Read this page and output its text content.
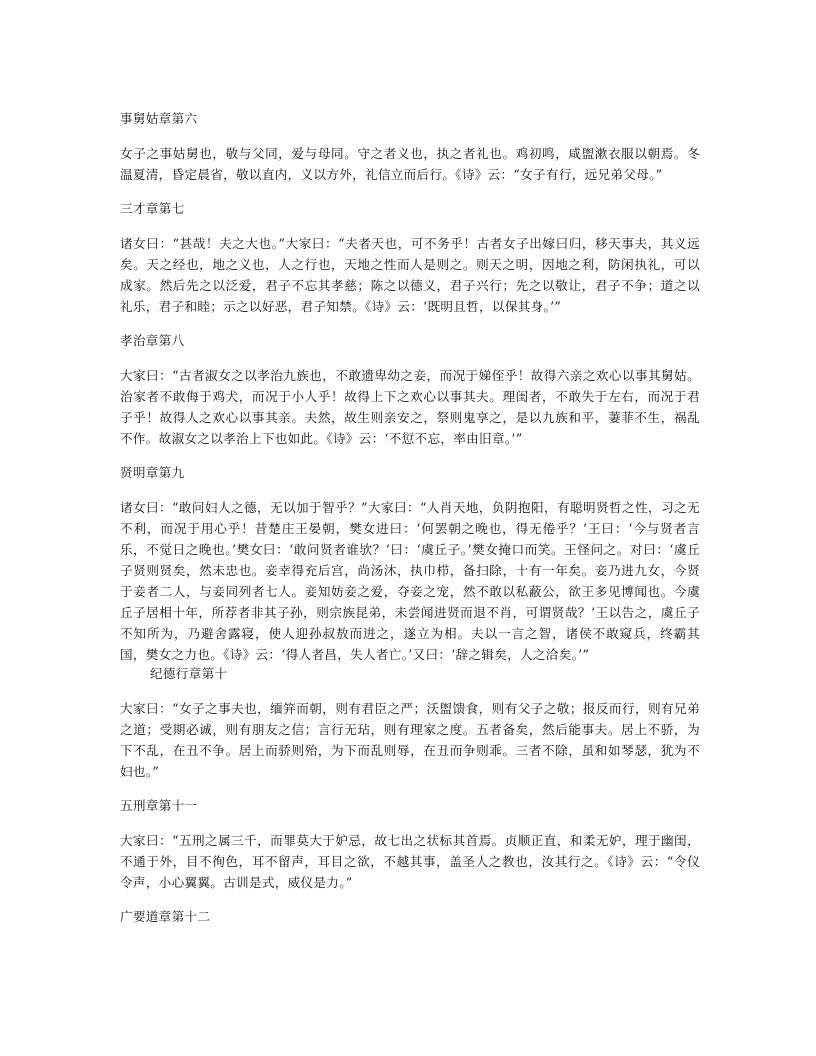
事舅姑章第六
女子之事姑舅也，敬与父同，爱与母同。守之者义也，执之者礼也。鸡初鸣，咸盥漱衣服以朝焉。冬温夏清，昏定晨省，敬以直内，义以方外，礼信立而后行。《诗》云：“女子有行，远兄弟父母。”
三才章第七
诸女曰：“甚哉！夫之大也。”大家曰：“夫者天也，可不务乎！古者女子出嫁曰归，移天事夫，其义远矣。天之经也，地之义也，人之行也，天地之性而人是则之。则天之明，因地之利，防闲执礼，可以成家。然后先之以泛爱，君子不忘其孝慈；陈之以德义，君子兴行；先之以敬让，君子不争；道之以礼乐，君子和睦；示之以好恶，君子知禁。《诗》云：‘既明且哲，以保其身。’”
孝治章第八
大家曰：“古者淑女之以孝治九族也，不敢遗卑幼之妾，而况于娣侄乎！故得六亲之欢心以事其舅姑。治家者不敢侮于鸡犬，而况于小人乎！故得上下之欢心以事其夫。理闺者，不敢失于左右，而况于君子乎！故得人之欢心以事其亲。夫然，故生则亲安之，祭则鬼享之，是以九族和平，萋菲不生，祸乱不作。故淑女之以孝治上下也如此。《诗》云：‘不愆不忘，率由旧章。’”
贤明章第九
诸女曰：“敢问妇人之德，无以加于智乎？”大家曰：“人肖天地，负阴抱阳，有聪明贤哲之性，习之无不利，而况于用心乎！昔楚庄王晏朝，樊女进曰：‘何罢朝之晚也，得无倦乎？’王曰：‘今与贤者言乐，不觉日之晚也。’樊女曰：‘敢问贤者谁欤？’曰：‘虞丘子。’樊女掩口而笑。王怪问之。对曰：‘虞丘子贤则贤矣，然未忠也。妾幸得充后宫，尚汤沐，执巾栉，备扫除，十有一年矣。妾乃进九女，今贤于妾者二人，与妾同列者七人。妾知妨妾之爱，夺妾之宠，然不敢以私蔽公，欲王多见博闻也。今虞丘子居相十年，所荐者非其子孙，则宗族昆弟，未尝闻进贤而退不肖，可谓贤哉？’王以告之，虞丘子不知所为，乃避舍露寝，使人迎孙叔敖而进之，遂立为相。夫以一言之智，诸侯不敢窥兵，终霸其国，樊女之力也。《诗》云：‘得人者昌，失人者亡。’又曰：‘辞之辑矣，人之洽矣。’”
纪德行章第十
大家曰：“女子之事夫也，缅笄而朝，则有君臣之严；沃盥馈食，则有父子之敬；报反而行，则有兄弟之道；受期必诚，则有朋友之信；言行无玷，则有理家之度。五者备矣，然后能事夫。居上不骄，为下不乱，在丑不争。居上而骄则殆，为下而乱则辱，在丑而争则乖。三者不除，虽和如琴瑟，犹为不妇也。”
五刑章第十一
大家曰：“五刑之属三千，而罪莫大于妒忌，故七出之状标其首焉。贞顺正直，和柔无妒，理于幽闺，不通于外，目不徇色，耳不留声，耳目之欲，不越其事，盖圣人之教也，汝其行之。《诗》云：“令仪令声，小心翼翼。古训是式，威仪是力。”
广要道章第十二
